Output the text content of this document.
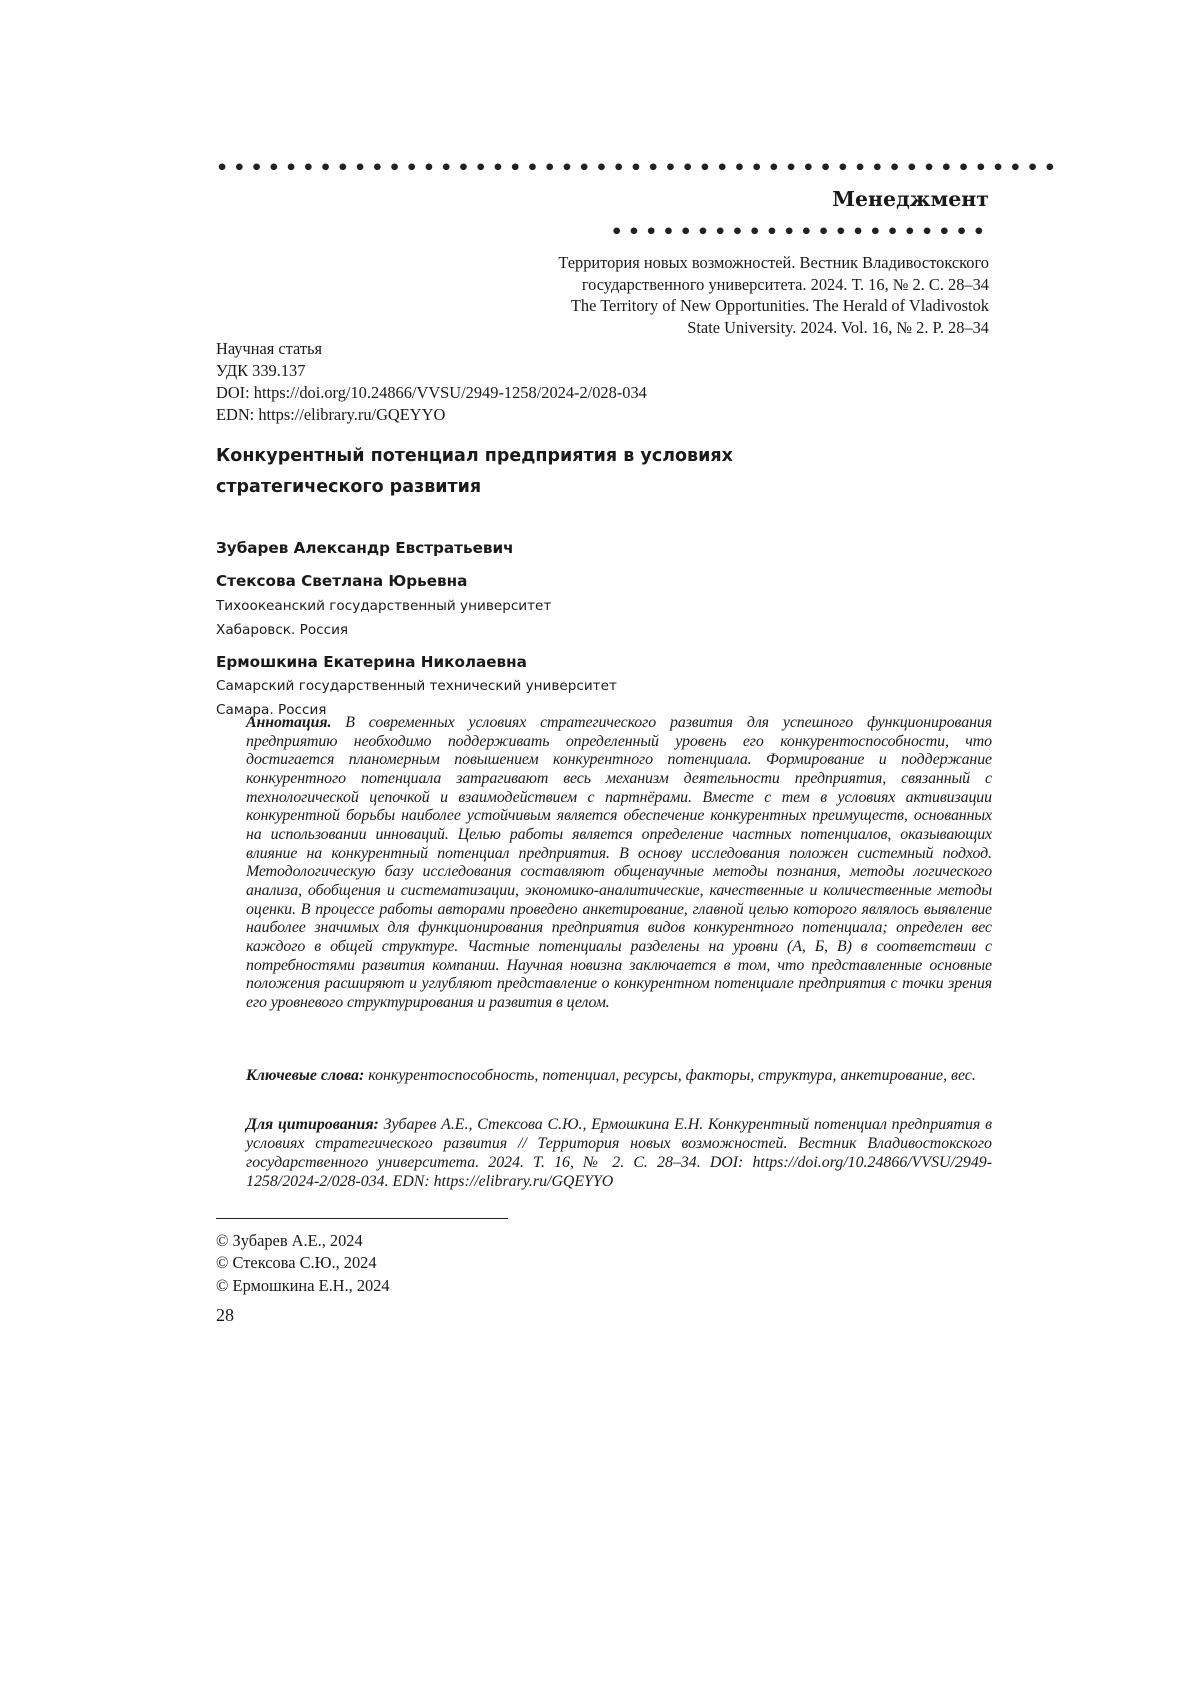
•••••••••••••••••••••••••••••••••••••••••••••••••
Менеджмент
••••••••••••••••••••••
Территория новых возможностей. Вестник Владивостокского
государственного университета. 2024. Т. 16, № 2. С. 28–34
The Territory of New Opportunities. The Herald of Vladivostok
State University. 2024. Vol. 16, № 2. P. 28–34
Научная статья
УДК 339.137
DOI: https://doi.org/10.24866/VVSU/2949-1258/2024-2/028-034
EDN: https://elibrary.ru/GQEYYO
Конкурентный потенциал предприятия в условиях стратегического развития
Зубарев Александр Евстратьевич
Стексова Светлана Юрьевна
Тихоокеанский государственный университет
Хабаровск. Россия
Ермошкина Екатерина Николаевна
Самарский государственный технический университет
Самара. Россия
Аннотация. В современных условиях стратегического развития для успешного функционирования предприятию необходимо поддерживать определенный уровень его конкурентоспособности, что достигается планомерным повышением конкурентного потенциала. Формирование и поддержание конкурентного потенциала затрагивают весь механизм деятельности предприятия, связанный с технологической цепочкой и взаимодействием с партнёрами. Вместе с тем в условиях активизации конкурентной борьбы наиболее устойчивым является обеспечение конкурентных преимуществ, основанных на использовании инноваций. Целью работы является определение частных потенциалов, оказывающих влияние на конкурентный потенциал предприятия. В основу исследования положен системный подход. Методологическую базу исследования составляют общенаучные методы познания, методы логического анализа, обобщения и систематизации, экономико-аналитические, качественные и количественные методы оценки. В процессе работы авторами проведено анкетирование, главной целью которого являлось выявление наиболее значимых для функционирования предприятия видов конкурентного потенциала; определен вес каждого в общей структуре. Частные потенциалы разделены на уровни (А, Б, В) в соответствии с потребностями развития компании. Научная новизна заключается в том, что представленные основные положения расширяют и углубляют представление о конкурентном потенциале предприятия с точки зрения его уровневого структурирования и развития в целом.
Ключевые слова: конкурентоспособность, потенциал, ресурсы, факторы, структура, анкетирование, вес.
Для цитирования: Зубарев А.Е., Стексова С.Ю., Ермошкина Е.Н. Конкурентный потенциал предприятия в условиях стратегического развития // Территория новых возможностей. Вестник Владивостокского государственного университета. 2024. Т. 16, № 2. С. 28–34. DOI: https://doi.org/10.24866/VVSU/2949-1258/2024-2/028-034. EDN: https://elibrary.ru/GQEYYO
© Зубарев А.Е., 2024
© Стексова С.Ю., 2024
© Ермошкина Е.Н., 2024
28
